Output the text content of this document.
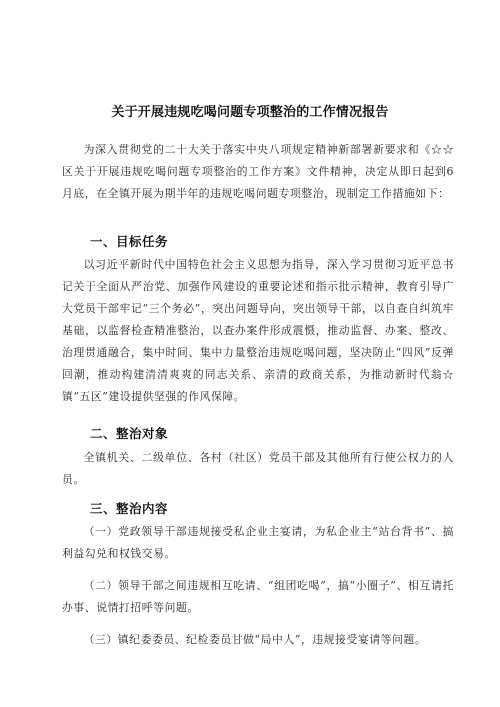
关于开展违规吃喝问题专项整治的工作情况报告

为深入贯彻党的二十大关于落实中央八项规定精神新部署新要求和《☆☆区关于开展违规吃喝问题专项整治的工作方案》文件精神，决定从即日起到6月底，在全镇开展为期半年的违规吃喝问题专项整治，现制定工作措施如下：

一、目标任务

以习近平新时代中国特色社会主义思想为指导，深入学习贯彻习近平总书记关于全面从严治党、加强作风建设的重要论述和指示批示精神，教育引导广大党员干部牢记“三个务必”，突出问题导向，突出领导干部，以自查自纠筑牢基础，以监督检查精准整治，以查办案件形成震慑，推动监督、办案、整改、治理贯通融合，集中时间、集中力量整治违规吃喝问题，坚决防止“四风”反弹回潮，推动构建清清爽爽的同志关系、亲清的政商关系，为推动新时代翁☆镇“五区”建设提供坚强的作风保障。

二、整治对象

全镇机关、二级单位、各村（社区）党员干部及其他所有行使公权力的人员。

三、整治内容

（一）党政领导干部违规接受私企业主宴请，为私企业主“站台背书”、搞利益勾兑和权钱交易。

（二）领导干部之间违规相互吃请、“组团吃喝”，搞“小圈子”、相互请托办事、说情打招呼等问题。

（三）镇纪委委员、纪检委员甘做“局中人”，违规接受宴请等问题。
